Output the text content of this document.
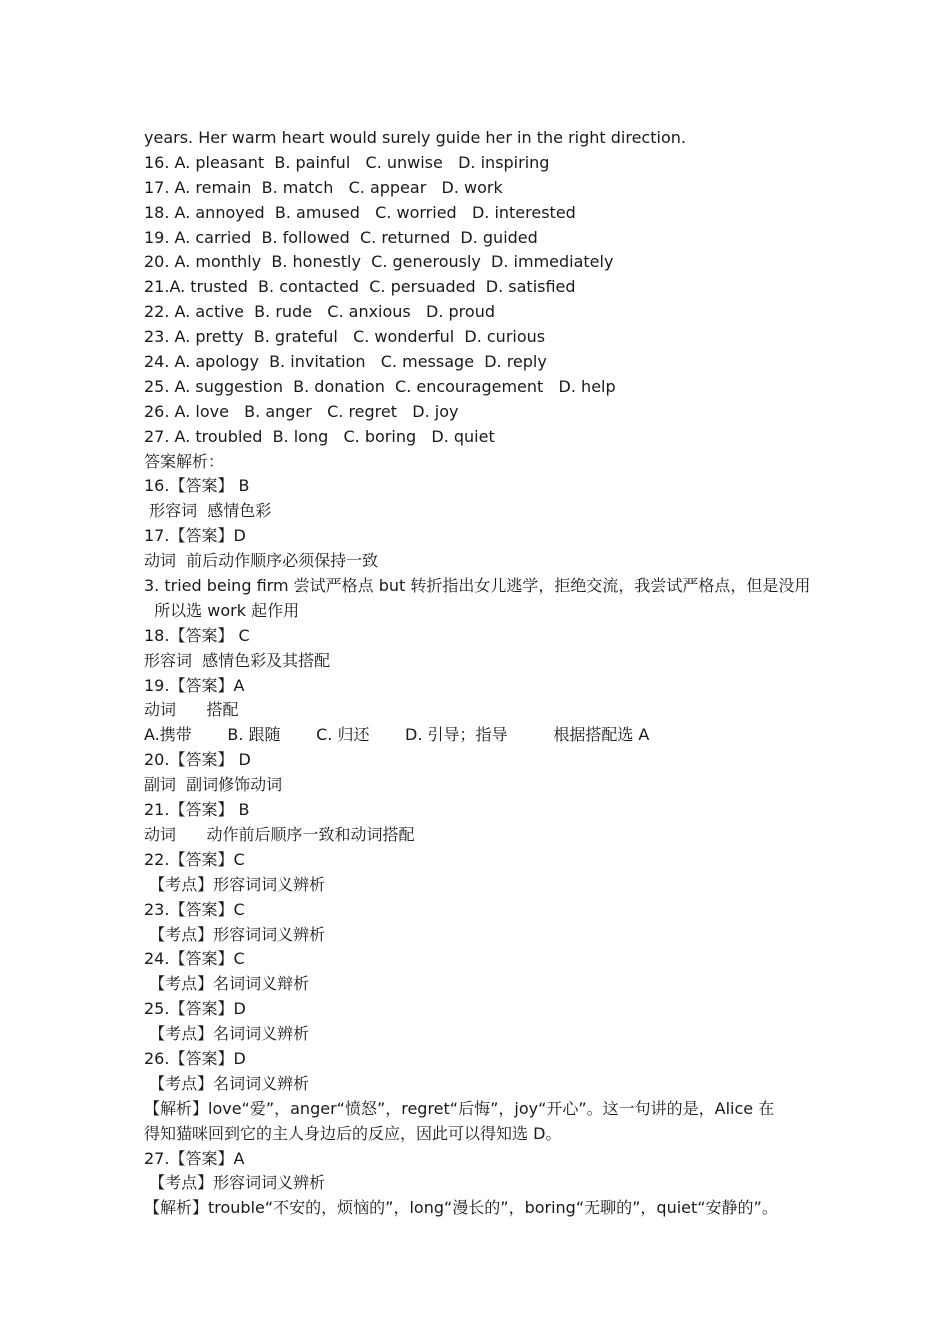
years. Her warm heart would surely guide her in the right direction.
16. A. pleasant  B. painful   C. unwise   D. inspiring
17. A. remain  B. match   C. appear   D. work
18. A. annoyed  B. amused   C. worried   D. interested
19. A. carried  B. followed  C. returned  D. guided
20. A. monthly  B. honestly  C. generously  D. immediately
21.A. trusted  B. contacted  C. persuaded  D. satisfied
22. A. active  B. rude   C. anxious   D. proud
23. A. pretty  B. grateful   C. wonderful  D. curious
24. A. apology  B. invitation   C. message  D. reply
25. A. suggestion  B. donation  C. encouragement   D. help
26. A. love   B. anger   C. regret   D. joy
27. A. troubled  B. long   C. boring   D. quiet
答案解析：
16.【答案】 B
形容词  感情色彩
17.【答案】D
动词  前后动作顺序必须保持一致
3. tried being firm 尝试严格点 but 转折指出女儿逃学，拒绝交流，我尝试严格点，但是没用
所以选 work 起作用
18.【答案】 C
形容词  感情色彩及其搭配
19.【答案】A
动词      搭配
A.携带       B. 跟随       C. 归还       D. 引导；指导         根据搭配选 A
20.【答案】 D
副词  副词修饰动词
21.【答案】 B
动词      动作前后顺序一致和动词搭配
22.【答案】C
【考点】形容词词义辨析
23.【答案】C
【考点】形容词词义辨析
24.【答案】C
【考点】名词词义辩析
25.【答案】D
【考点】名词词义辨析
26.【答案】D
【考点】名词词义辨析
【解析】love“爱”，anger“愤怒”，regret“后悔”，joy“开心”。这一句讲的是，Alice 在
得知猫咪回到它的主人身边后的反应，因此可以得知选 D。
27.【答案】A
【考点】形容词词义辨析
【解析】trouble“不安的，烦恼的”，long“漫长的”，boring“无聊的”，quiet“安静的”。
